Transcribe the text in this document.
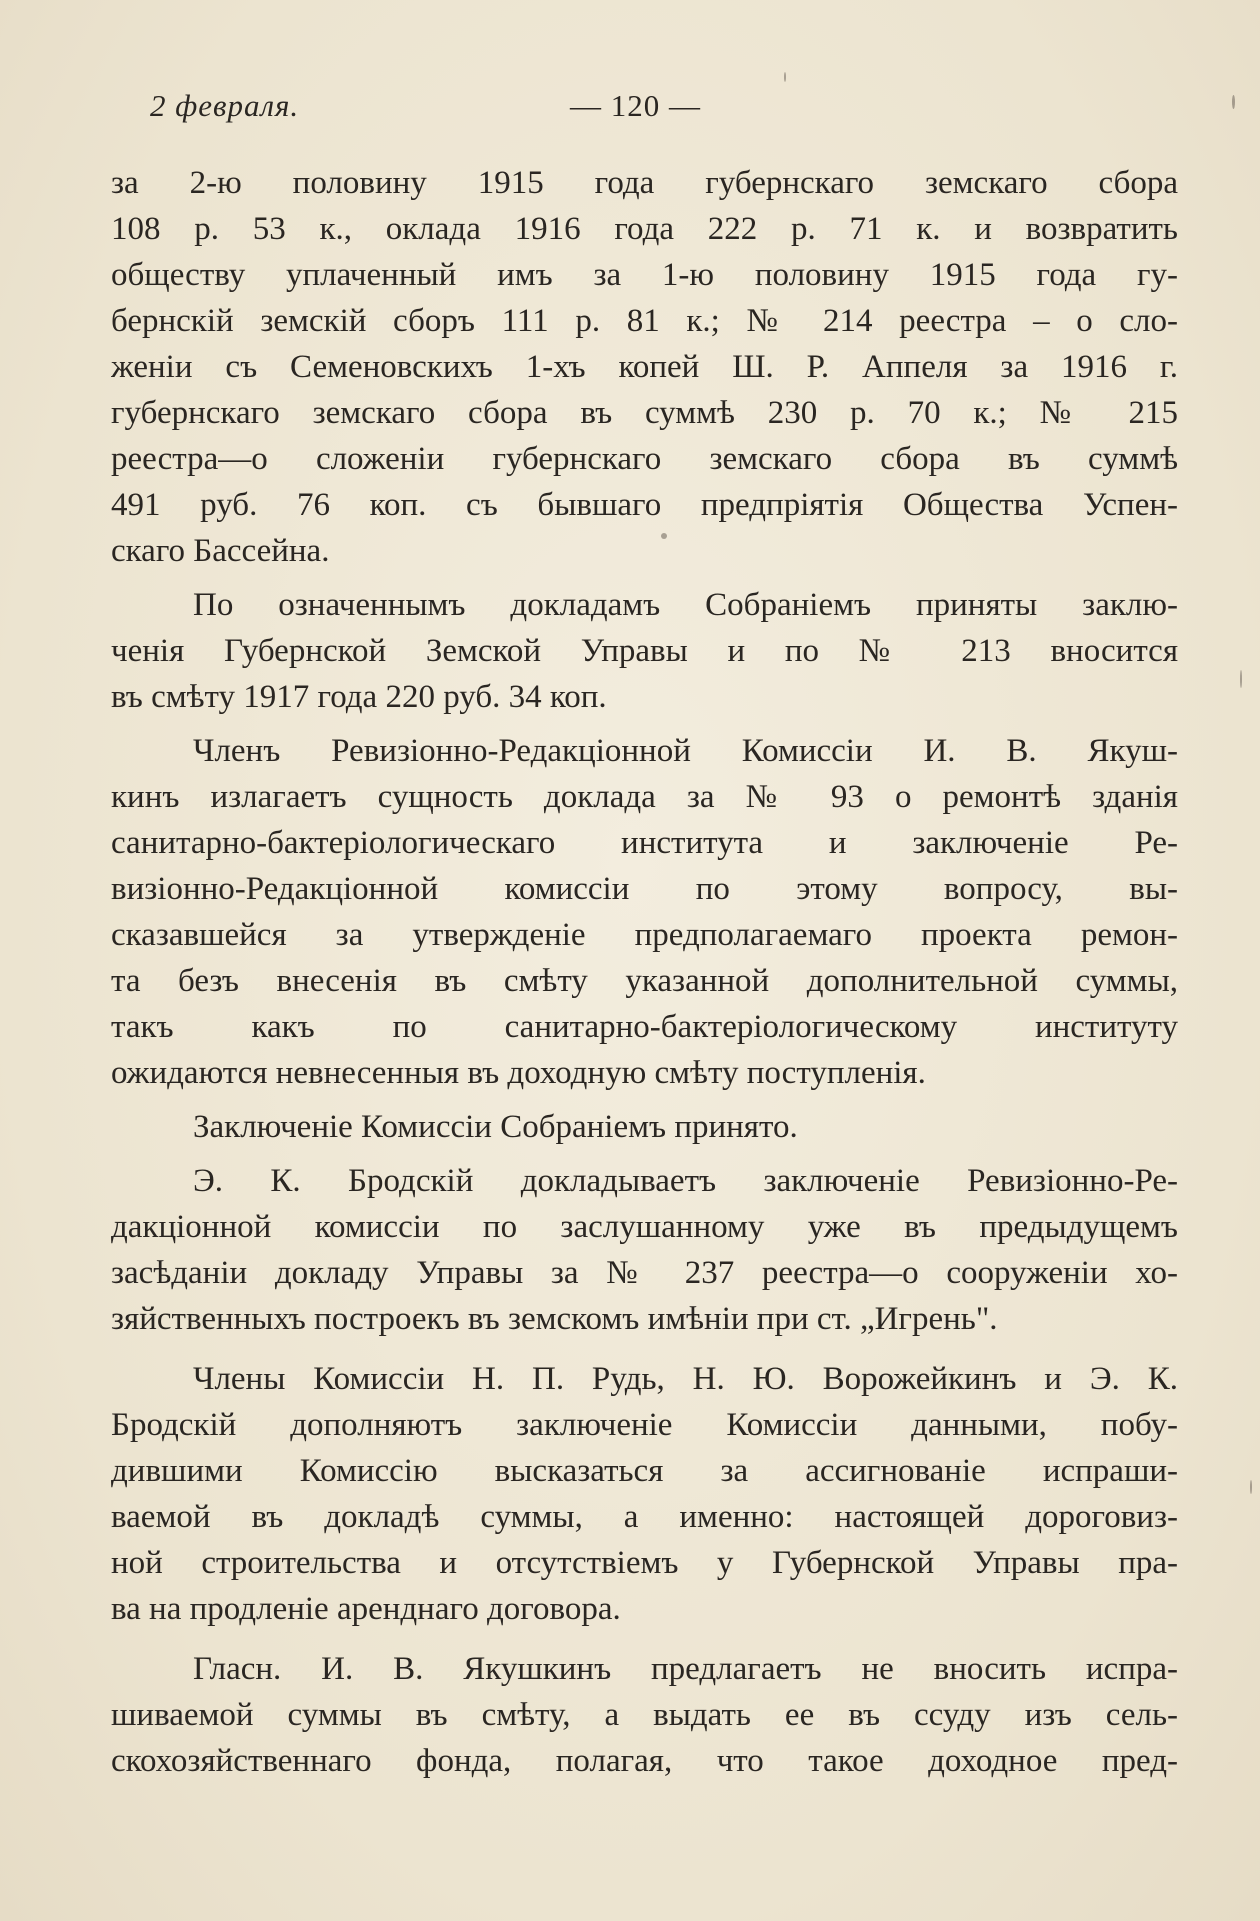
2 февраля.	— 120 —
за 2-ю половину 1915 года губернскаго земскаго сбора
108 р. 53 к., оклада 1916 года 222 р. 71 к. и возвратить
обществу уплаченный имъ за 1-ю половину 1915 года гу-
бернскій земскій сборъ 111 р. 81 к.; № 214 реестра – о сло-
женіи съ Семеновскихъ 1-хъ копей Ш. Р. Аппеля за 1916 г.
губернскаго земскаго сбора въ суммѣ 230 р. 70 к.; № 215
реестра—о сложеніи губернскаго земскаго сбора въ суммѣ
491 руб. 76 коп. съ бывшаго предпріятія Общества Успен-
скаго Бассейна.
По означеннымъ докладамъ Собраніемъ приняты заклю-
ченія Губернской Земской Управы и по № 213 вносится
въ смѣту 1917 года 220 руб. 34 коп.
Членъ Ревизіонно-Редакціонной Комиссіи И. В. Якуш-
кинъ излагаетъ сущность доклада за № 93 о ремонтѣ зданія
санитарно-бактеріологическаго института и заключеніе Ре-
визіонно-Редакціонной комиссіи по этому вопросу, вы-
сказавшейся за утвержденіе предполагаемаго проекта ремон-
та безъ внесенія въ смѣту указанной дополнительной суммы,
такъ какъ по санитарно-бактеріологическому институту
ожидаются невнесенныя въ доходную смѣту поступленія.
Заключеніе Комиссіи Собраніемъ принято.
Э. К. Бродскій докладываетъ заключеніе Ревизіонно-Ре-
дакціонной комиссіи по заслушанному уже въ предыдущемъ
засѣданіи докладу Управы за № 237 реестра—о сооруженіи хо-
зяйственныхъ построекъ въ земскомъ имѣніи при ст. „Игрень".
Члены Комиссіи Н. П. Рудь, Н. Ю. Ворожейкинъ и Э. К.
Бродскій дополняютъ заключеніе Комиссіи данными, побу-
дившими Комиссію высказаться за ассигнованіе испраши-
ваемой въ докладѣ суммы, а именно: настоящей дороговиз-
ной строительства и отсутствіемъ у Губернской Управы пра-
ва на продленіе аренднаго договора.
Гласн. И. В. Якушкинъ предлагаетъ не вносить испра-
шиваемой суммы въ смѣту, а выдать ее въ ссуду изъ сель-
скохозяйственнаго фонда, полагая, что такое доходное пред-
